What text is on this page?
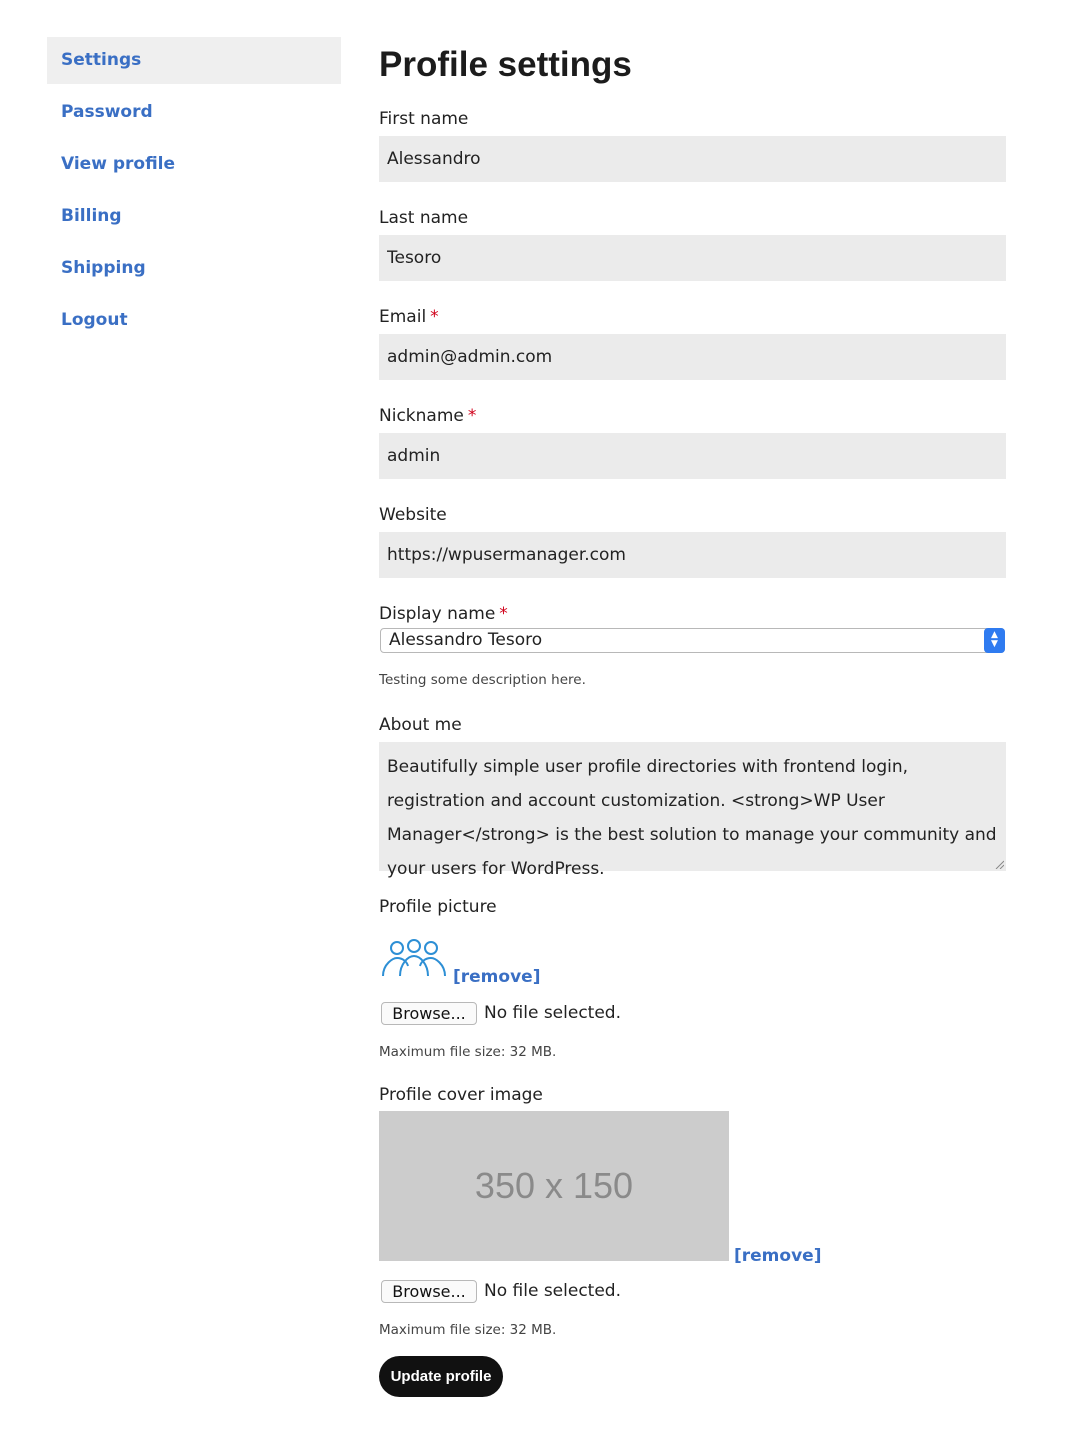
Settings
Password
View profile
Billing
Shipping
Logout
Profile settings
First name
Alessandro
Last name
Tesoro
Email *
admin@admin.com
Nickname *
admin
Website
https://wpusermanager.com
Display name *
Alessandro Tesoro	▲
▼
Testing some description here.
About me
Beautifully simple user profile directories with frontend login, registration and account customization. <strong>WP User Manager</strong> is the best solution to manage your community and your users for WordPress.
Profile picture
[remove]
Browse...	No file selected.
Maximum file size: 32 MB.
Profile cover image
350 x 150
[remove]
Browse...	No file selected.
Maximum file size: 32 MB.
Update profile
